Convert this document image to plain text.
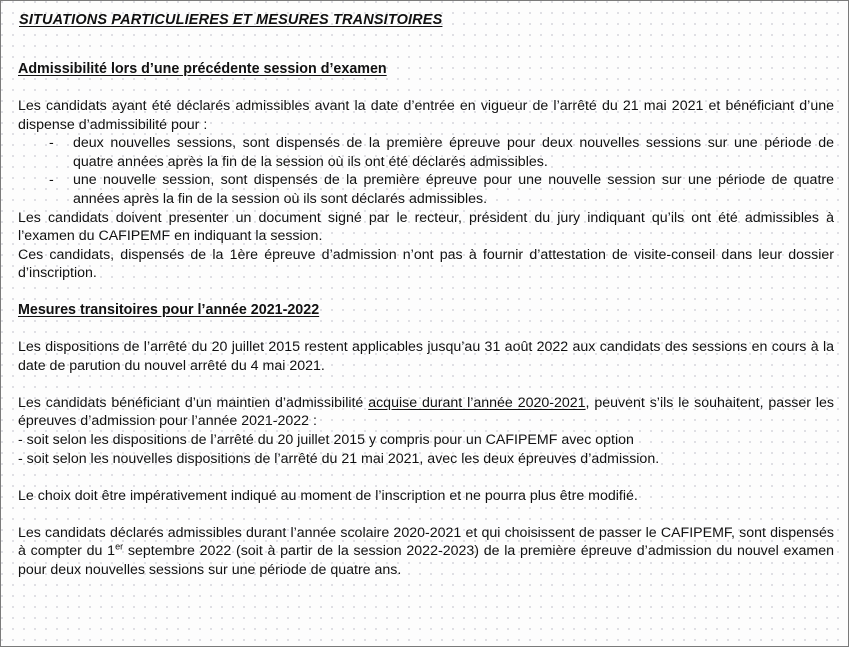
SITUATIONS PARTICULIERES ET MESURES TRANSITOIRES
Admissibilité lors d’une précédente session d’examen

Les candidats ayant été déclarés admissibles avant la date d’entrée en vigueur de l’arrêté du 21 mai 2021 et bénéficiant d’une dispense d’admissibilité pour :

- deux nouvelles sessions, sont dispensés de la première épreuve pour deux nouvelles sessions sur une période de quatre années après la fin de la session où ils ont été déclarés admissibles.
- une nouvelle session, sont dispensés de la première épreuve pour une nouvelle session sur une période de quatre années après la fin de la session où ils sont déclarés admissibles.

Les candidats doivent presenter un document signé par le recteur, président du jury indiquant qu’ils ont été admissibles à l’examen du CAFIPEMF en indiquant la session.

Ces candidats, dispensés de la 1ère épreuve d’admission n’ont pas à fournir d’attestation de visite-conseil dans leur dossier d’inscription.

Mesures transitoires pour l’année 2021-2022

Les dispositions de l’arrêté du 20 juillet 2015 restent applicables jusqu’au 31 août 2022 aux candidats des sessions en cours à la date de parution du nouvel arrêté du 4 mai 2021.

Les candidats bénéficiant d’un maintien d’admissibilité acquise durant l’année 2020-2021, peuvent s’ils le souhaitent, passer les épreuves d’admission pour l’année 2021-2022 :

- soit selon les dispositions de l’arrêté du 20 juillet 2015 y compris pour un CAFIPEMF avec option

- soit selon les nouvelles dispositions de l’arrêté du 21 mai 2021, avec les deux épreuves d’admission.

Le choix doit être impérativement indiqué au moment de l’inscription et ne pourra plus être modifié.

Les candidats déclarés admissibles durant l’année scolaire 2020-2021 et qui choisissent de passer le CAFIPEMF, sont dispensés à compter du 1er septembre 2022 (soit à partir de la session 2022-2023) de la première épreuve d’admission du nouvel examen pour deux nouvelles sessions sur une période de quatre ans.
